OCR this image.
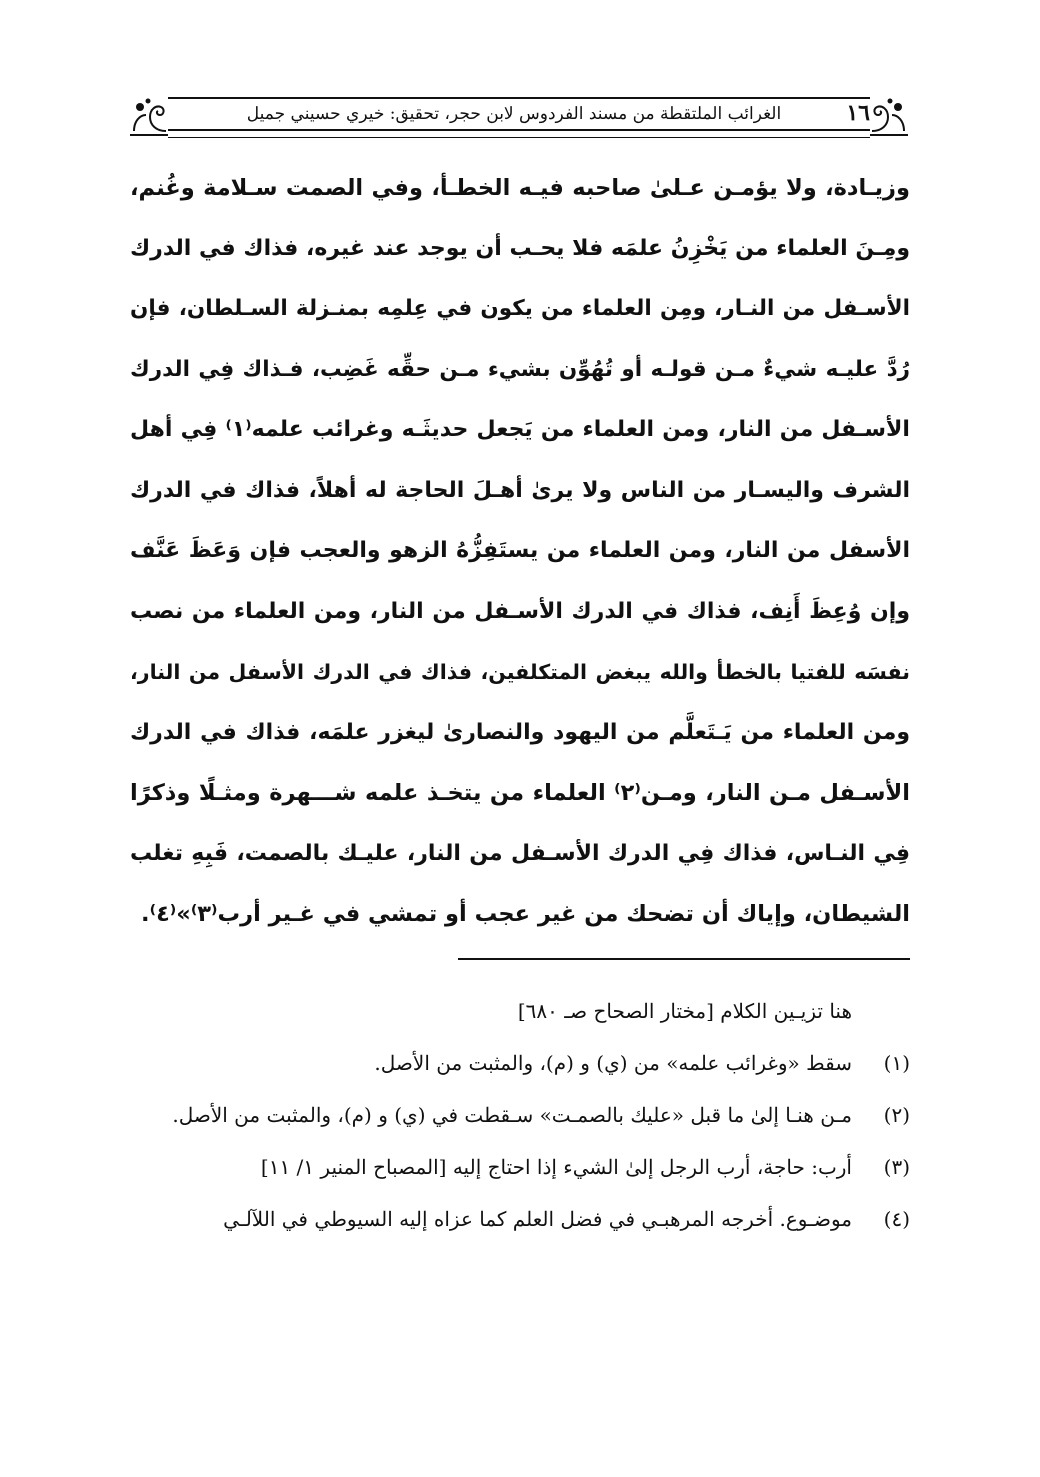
الغرائب الملتقطة من مسند الفردوس لابن حجر، تحقيق: خيري حسيني جميل	١٦
وزيـادة، ولا يؤمـن عـلىٰ صاحبه فيـه الخطـأ، وفي الصمت سـلامة وغُنم،
ومِـنَ العلماء من يَخْزِنُ علمَه فلا يحـب أن يوجد عند غيره، فذاك في الدرك
الأسـفل من النـار، ومِن العلماء من يكون في عِلمِه بمنـزلة السـلطان، فإن
رُدَّ عليـه شيءٌ مـن قولـه أو تُهُوِّن بشيء مـن حقِّه غَضِب، فـذاك فِي الدرك
الأسـفل من النار، ومن العلماء من يَجعل حديثَـه وغرائب علمه⁽١⁾ فِي أهل
الشرف واليسـار من الناس ولا يرىٰ أهـلَ الحاجة له أهلاً، فذاك في الدرك
الأسفل من النار، ومن العلماء من يستَفِزُّهُ الزهو والعجب فإن وَعَظَ عَنَّف
وإن وُعِظَ أَنِف، فذاك في الدرك الأسـفل من النار، ومن العلماء من نصب
نفسَه للفتيا بالخطأ والله يبغض المتكلفين، فذاك في الدرك الأسفل من النار،
ومن العلماء من يَـتَعلَّم من اليهود والنصارىٰ ليغزر علمَه، فذاك في الدرك
الأسـفل مـن النار، ومـن⁽٢⁾ العلماء من يتخـذ علمه شـــهرة ومثـلًا وذكرًا
فِي النـاس، فذاك فِي الدرك الأسـفل من النار، عليـك بالصمت، فَبِهِ تغلب
الشيطان، وإياك أن تضحك من غير عجب أو تمشي في غـير أرب⁽٣⁾»⁽٤⁾.
هنا تزيـين الكلام [مختار الصحاح صـ ٦٨٠]
(١)
سقط «وغرائب علمه» من (ي) و (م)، والمثبت من الأصل.
(٢)
مـن هنـا إلىٰ ما قبل «عليك بالصمـت» سـقطت في (ي) و (م)، والمثبت من الأصل.
(٣)
أرب: حاجة، أرب الرجل إلىٰ الشيء إذا احتاج إليه [المصباح المنير ١/ ١١]
(٤)
موضـوع. أخرجه المرهبـي في فضل العلم كما عزاه إليه السيوطي في اللآلـي
